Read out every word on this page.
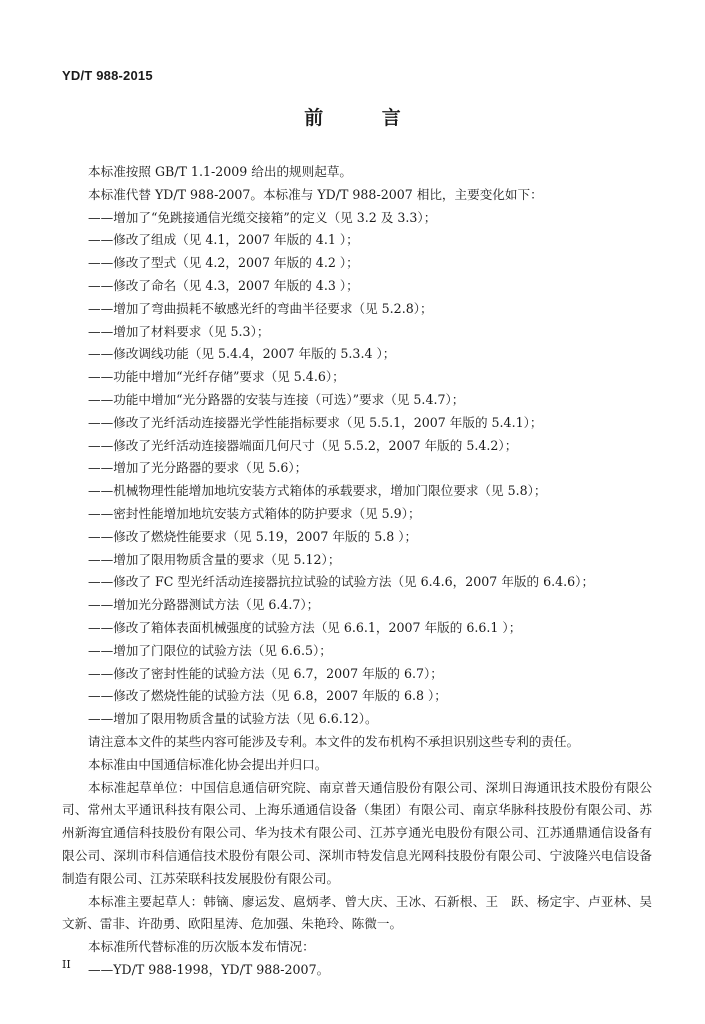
YD/T 988-2015
前 言
本标准按照 GB/T 1.1-2009 给出的规则起草。
本标准代替 YD/T 988-2007。本标准与 YD/T 988-2007 相比，主要变化如下：
——增加了“免跳接通信光缆交接箱”的定义（见 3.2 及 3.3）；
——修改了组成（见 4.1，2007 年版的 4.1 ）；
——修改了型式（见 4.2，2007 年版的 4.2 ）；
——修改了命名（见 4.3，2007 年版的 4.3 ）；
——增加了弯曲损耗不敏感光纤的弯曲半径要求（见 5.2.8）；
——增加了材料要求（见 5.3）；
——修改调线功能（见 5.4.4，2007 年版的 5.3.4 ）；
——功能中增加“光纤存储”要求（见 5.4.6）；
——功能中增加“光分路器的安装与连接（可选）”要求（见 5.4.7）；
——修改了光纤活动连接器光学性能指标要求（见 5.5.1，2007 年版的 5.4.1）；
——修改了光纤活动连接器端面几何尺寸（见 5.5.2，2007 年版的 5.4.2）；
——增加了光分路器的要求（见 5.6）；
——机械物理性能增加地坑安装方式箱体的承载要求，增加门限位要求（见 5.8）；
——密封性能增加地坑安装方式箱体的防护要求（见 5.9）；
——修改了燃烧性能要求（见 5.19，2007 年版的 5.8 ）；
——增加了限用物质含量的要求（见 5.12）；
——修改了 FC 型光纤活动连接器抗拉试验的试验方法（见 6.4.6，2007 年版的 6.4.6）；
——增加光分路器测试方法（见 6.4.7）；
——修改了箱体表面机械强度的试验方法（见 6.6.1，2007 年版的 6.6.1 ）；
——增加了门限位的试验方法（见 6.6.5）；
——修改了密封性能的试验方法（见 6.7，2007 年版的 6.7）；
——修改了燃烧性能的试验方法（见 6.8，2007 年版的 6.8 ）；
——增加了限用物质含量的试验方法（见 6.6.12）。
请注意本文件的某些内容可能涉及专利。本文件的发布机构不承担识别这些专利的责任。
本标准由中国通信标准化协会提出并归口。

本标准起草单位：中国信息通信研究院、南京普天通信股份有限公司、深圳日海通讯技术股份有限公司、常州太平通讯科技有限公司、上海乐通通信设备（集团）有限公司、南京华脉科技股份有限公司、苏州新海宜通信科技股份有限公司、华为技术有限公司、江苏亨通光电股份有限公司、江苏通鼎通信设备有限公司、深圳市科信通信技术股份有限公司、深圳市特发信息光网科技股份有限公司、宁波隆兴电信设备制造有限公司、江苏荣联科技发展股份有限公司。

本标准主要起草人：韩镝、廖运发、扈炳孝、曾大庆、王冰、石新根、王　跃、杨定宇、卢亚林、吴文新、雷非、许劭勇、欧阳星涛、危加强、朱艳玲、陈微一。

本标准所代替标准的历次版本发布情况：
——YD/T 988-1998，YD/T 988-2007。
II
